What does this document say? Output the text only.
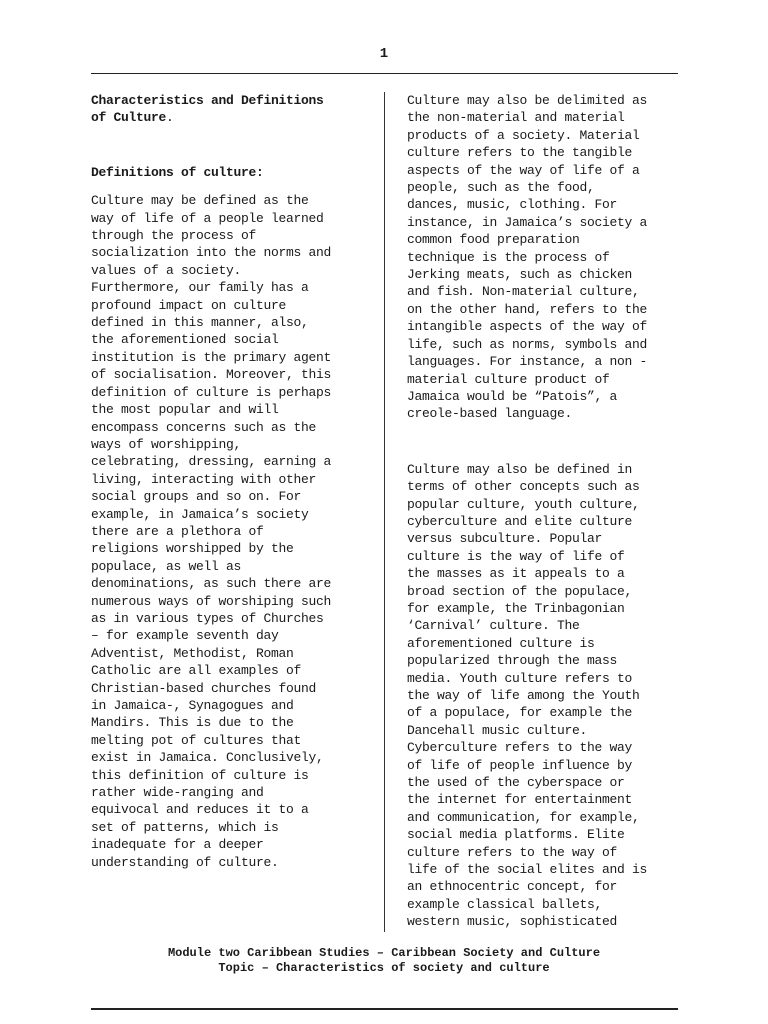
1

Characteristics and Definitions
of Culture.

Definitions of culture:

Culture may be defined as the
way of life of a people learned
through the process of
socialization into the norms and
values of a society.
Furthermore, our family has a
profound impact on culture
defined in this manner, also,
the aforementioned social
institution is the primary agent
of socialisation. Moreover, this
definition of culture is perhaps
the most popular and will
encompass concerns such as the
ways of worshipping,
celebrating, dressing, earning a
living, interacting with other
social groups and so on. For
example, in Jamaica’s society
there are a plethora of
religions worshipped by the
populace, as well as
denominations, as such there are
numerous ways of worshiping such
as in various types of Churches
– for example seventh day
Adventist, Methodist, Roman
Catholic are all examples of
Christian-based churches found
in Jamaica-, Synagogues and
Mandirs. This is due to the
melting pot of cultures that
exist in Jamaica. Conclusively,
this definition of culture is
rather wide-ranging and
equivocal and reduces it to a
set of patterns, which is
inadequate for a deeper
understanding of culture.
Culture may also be delimited as
the non-material and material
products of a society. Material
culture refers to the tangible
aspects of the way of life of a
people, such as the food,
dances, music, clothing. For
instance, in Jamaica’s society a
common food preparation
technique is the process of
Jerking meats, such as chicken
and fish. Non-material culture,
on the other hand, refers to the
intangible aspects of the way of
life, such as norms, symbols and
languages. For instance, a non -
material culture product of
Jamaica would be “Patois”, a
creole-based language.
Culture may also be defined in
terms of other concepts such as
popular culture, youth culture,
cyberculture and elite culture
versus subculture. Popular
culture is the way of life of
the masses as it appeals to a
broad section of the populace,
for example, the Trinbagonian
‘Carnival’ culture. The
aforementioned culture is
popularized through the mass
media. Youth culture refers to
the way of life among the Youth
of a populace, for example the
Dancehall music culture.
Cyberculture refers to the way
of life of people influence by
the used of the cyberspace or
the internet for entertainment
and communication, for example,
social media platforms. Elite
culture refers to the way of
life of the social elites and is
an ethnocentric concept, for
example classical ballets,
western music, sophisticated
Module two Caribbean Studies – Caribbean Society and Culture
Topic – Characteristics of society and culture
